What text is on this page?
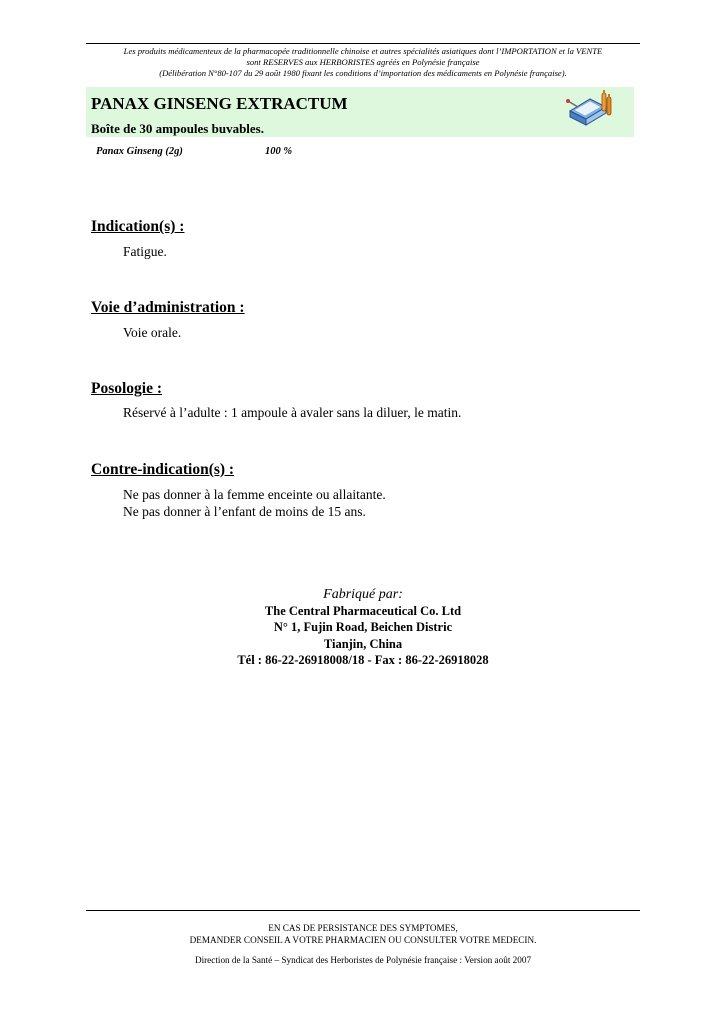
Les produits médicamenteux de la pharmacopée traditionnelle chinoise et autres spécialités asiatiques dont l’IMPORTATION et la VENTE
sont RESERVES aux HERBORISTES agréés en Polynésie française
(Délibération N°80-107 du 29 août 1980 fixant les conditions d’importation des médicaments en Polynésie française).
PANAX GINSENG EXTRACTUM
Boîte de 30 ampoules buvables.
Panax Ginseng (2g)	100 %
Indication(s) :
Fatigue.
Voie d’administration :
Voie orale.
Posologie :
Réservé à l’adulte : 1 ampoule à avaler sans la diluer, le matin.
Contre-indication(s) :
Ne pas donner à la femme enceinte ou allaitante.
Ne pas donner à l’enfant de moins de 15 ans.
Fabriqué par:
The Central Pharmaceutical Co. Ltd
N° 1, Fujin Road, Beichen Distric
Tianjin, China
Tél : 86-22-26918008/18 - Fax : 86-22-26918028
EN CAS DE PERSISTANCE DES SYMPTOMES,
DEMANDER CONSEIL A VOTRE PHARMACIEN OU CONSULTER VOTRE MEDECIN.
Direction de la Santé – Syndicat des Herboristes de Polynésie française : Version août 2007
